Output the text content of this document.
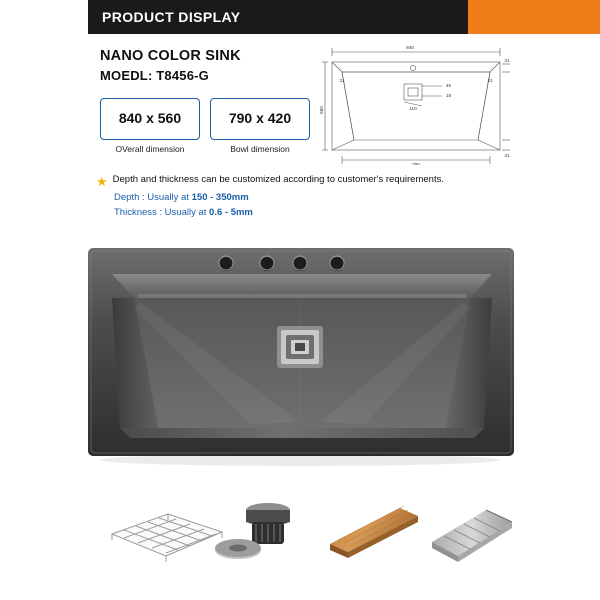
PRODUCT DISPLAY
NANO COLOR SINK
MOEDL: T8456-G
840 x 560	790 x 420
OVerall dimension	Bowl dimension
840
790
560	110
21	21
45
18
21
21
★ Depth and thickness can be customized according to customer's requirements.
Depth : Usually at 150 - 350mm
Thickness : Usually at 0.6 - 5mm
